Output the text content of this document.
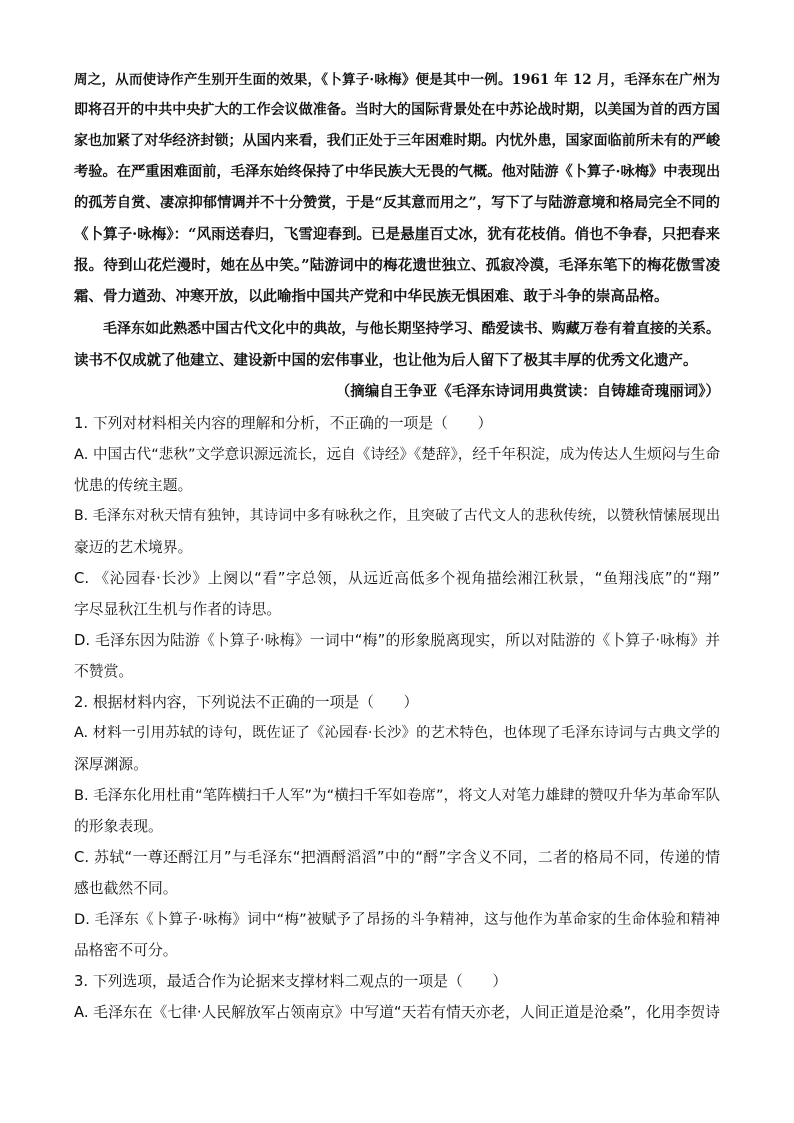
周之，从而使诗作产生别开生面的效果，《卜算子·咏梅》便是其中一例。1961 年 12 月，毛泽东在广州为
即将召开的中共中央扩大的工作会议做准备。当时大的国际背景处在中苏论战时期，以美国为首的西方国
家也加紧了对华经济封锁；从国内来看，我们正处于三年困难时期。内忧外患，国家面临前所未有的严峻
考验。在严重困难面前，毛泽东始终保持了中华民族大无畏的气概。他对陆游《卜算子·咏梅》中表现出
的孤芳自赏、凄凉抑郁情调并不十分赞赏，于是“反其意而用之”，写下了与陆游意境和格局完全不同的
《卜算子·咏梅》：“风雨送春归，飞雪迎春到。已是悬崖百丈冰，犹有花枝俏。俏也不争春，只把春来
报。待到山花烂漫时，她在丛中笑。”陆游词中的梅花遗世独立、孤寂冷漠，毛泽东笔下的梅花傲雪凌
霜、骨力遒劲、冲寒开放，以此喻指中国共产党和中华民族无惧困难、敢于斗争的崇高品格。
毛泽东如此熟悉中国古代文化中的典故，与他长期坚持学习、酷爱读书、购藏万卷有着直接的关系。
读书不仅成就了他建立、建设新中国的宏伟事业，也让他为后人留下了极其丰厚的优秀文化遗产。
（摘编自王争亚《毛泽东诗词用典赏读：自铸雄奇瑰丽词》）
1. 下列对材料相关内容的理解和分析，不正确的一项是（　　）
A. 中国古代“悲秋”文学意识源远流长，远自《诗经》《楚辞》，经千年积淀，成为传达人生烦闷与生命
忧患的传统主题。
B. 毛泽东对秋天情有独钟，其诗词中多有咏秋之作，且突破了古代文人的悲秋传统，以赞秋情愫展现出
豪迈的艺术境界。
C. 《沁园春·长沙》上阕以“看”字总领，从远近高低多个视角描绘湘江秋景，“鱼翔浅底”的“翔”
字尽显秋江生机与作者的诗思。
D. 毛泽东因为陆游《卜算子·咏梅》一词中“梅”的形象脱离现实，所以对陆游的《卜算子·咏梅》并
不赞赏。
2. 根据材料内容，下列说法不正确的一项是（　　）
A. 材料一引用苏轼的诗句，既佐证了《沁园春·长沙》的艺术特色，也体现了毛泽东诗词与古典文学的
深厚渊源。
B. 毛泽东化用杜甫“笔阵横扫千人军”为“横扫千军如卷席”，将文人对笔力雄肆的赞叹升华为革命军队
的形象表现。
C. 苏轼“一尊还酹江月”与毛泽东“把酒酹滔滔”中的“酹”字含义不同，二者的格局不同，传递的情
感也截然不同。
D. 毛泽东《卜算子·咏梅》词中“梅”被赋予了昂扬的斗争精神，这与他作为革命家的生命体验和精神
品格密不可分。
3. 下列选项，最适合作为论据来支撑材料二观点的一项是（　　）
A. 毛泽东在《七律·人民解放军占领南京》中写道“天若有情天亦老，人间正道是沧桑”，化用李贺诗
